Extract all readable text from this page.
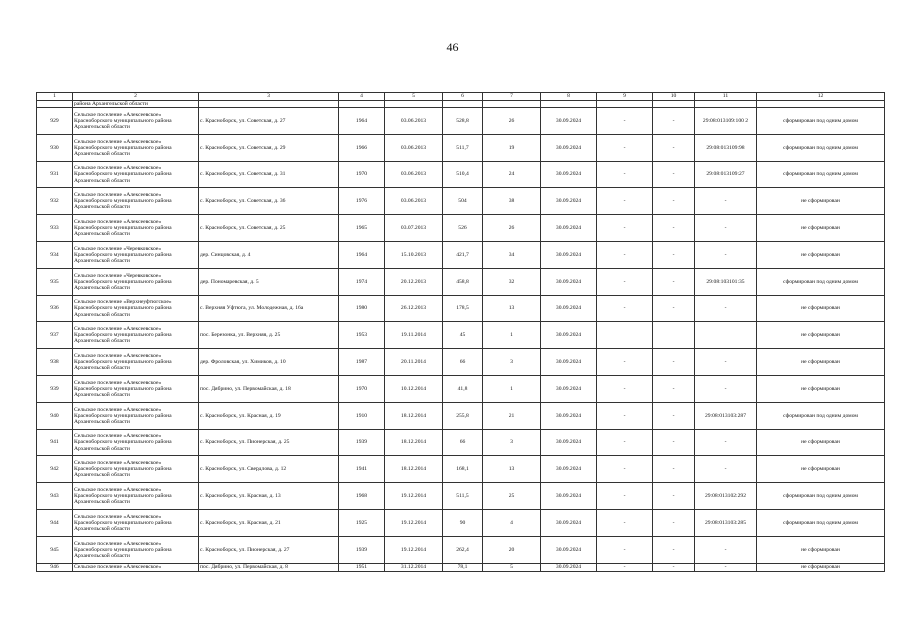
46
1	2	3	4	5	6	7	8	9	10	11	12
	района Архангельской области										
929	Сельское поселение «Алексеевское» Красноборского муниципального района Архангельской области	с. Красноборск, ул. Советская, д. 27	1964	03.06.2013	528,8	26	30.09.2024	-	-	29:08:013109:100 2	сформирован под одним домом
930	Сельское поселение «Алексеевское» Красноборского муниципального района Архангельской области	с. Красноборск, ул. Советская, д. 29	1966	03.06.2013	511,7	19	30.09.2024	-	-	29:08:013109:98	сформирован под одним домом
931	Сельское поселение «Алексеевское» Красноборского муниципального района Архангельской области	с. Красноборск, ул. Советская, д. 31	1970	03.06.2013	510,4	24	30.09.2024	-	-	29:08:013109:27	сформирован под одним домом
932	Сельское поселение «Алексеевское» Красноборского муниципального района Архангельской области	с. Красноборск, ул. Советская, д. 36	1976	03.06.2013	504	38	30.09.2024	-	-	-	не сформирован
933	Сельское поселение «Алексеевское» Красноборского муниципального района Архангельской области	с. Красноборск, ул. Советская, д. 25	1965	03.07.2013	526	26	30.09.2024	-	-	-	не сформирован
934	Сельское поселение «Черевковское» Красноборского муниципального района Архангельской области	дер. Синцовская, д. 4	1964	15.10.2013	421,7	34	30.09.2024	-	-	-	не сформирован
935	Сельское поселение «Черевковское» Красноборского муниципального района Архангельской области	дер. Пономаревская, д. 5	1974	20.12.2013	458,8	32	30.09.2024	-	-	29:08:103101:35	сформирован под одним домом
936	Сельское поселение «Верхнеуфтюгское» Красноборского муниципального района Архангельской области	с. Верхняя Уфтюга, ул. Молодежная, д. 16а	1980	26.12.2013	178,5	13	30.09.2024	-	-	-	не сформирован
937	Сельское поселение «Алексеевское» Красноборского муниципального района Архангельской области	пос. Березонка, ул. Верхняя, д. 25	1953	19.11.2014	45	1	30.09.2024				не сформирован
938	Сельское поселение «Алексеевское» Красноборского муниципального района Архангельской области	дер. Фроловская, ул. Химиков, д. 10	1987	20.11.2014	66	3	30.09.2024	-	-	-	не сформирован
939	Сельское поселение «Алексеевское» Красноборского муниципального района Архангельской области	пос. Дябрино, ул. Первомайская, д. 18	1970	10.12.2014	41,8	1	30.09.2024	-	-	-	не сформирован
940	Сельское поселение «Алексеевское» Красноборского муниципального района Архангельской области	с. Красноборск, ул. Красная, д. 19	1910	18.12.2014	255,8	21	30.09.2024	-	-	29:08:013103:287	сформирован под одним домом
941	Сельское поселение «Алексеевское» Красноборского муниципального района Архангельской области	с. Красноборск, ул. Пионерская, д. 25	1939	18.12.2014	66	3	30.09.2024	-	-	-	не сформирован
942	Сельское поселение «Алексеевское» Красноборского муниципального района Архангельской области	с. Красноборск, ул. Свердлова, д. 12	1941	18.12.2014	168,1	13	30.09.2024	-	-	-	не сформирован
943	Сельское поселение «Алексеевское» Красноборского муниципального района Архангельской области	с. Красноборск, ул. Красная, д. 13	1968	19.12.2014	511,5	25	30.09.2024	-	-	29:08:013102:292	сформирован под одним домом
944	Сельское поселение «Алексеевское» Красноборского муниципального района Архангельской области	с. Красноборск, ул. Красная, д. 21	1925	19.12.2014	90	4	30.09.2024	-	-	29:08:013103:285	сформирован под одним домом
945	Сельское поселение «Алексеевское» Красноборского муниципального района Архангельской области	с. Красноборск, ул. Пионерская, д. 27	1939	19.12.2014	262,4	20	30.09.2024	-	-	-	не сформирован
946	Сельское поселение «Алексеевское»	пос. Дябрино, ул. Первомайская, д. 8	1951	31.12.2014	78,1	5	30.09.2024	-	-	-	не сформирован
